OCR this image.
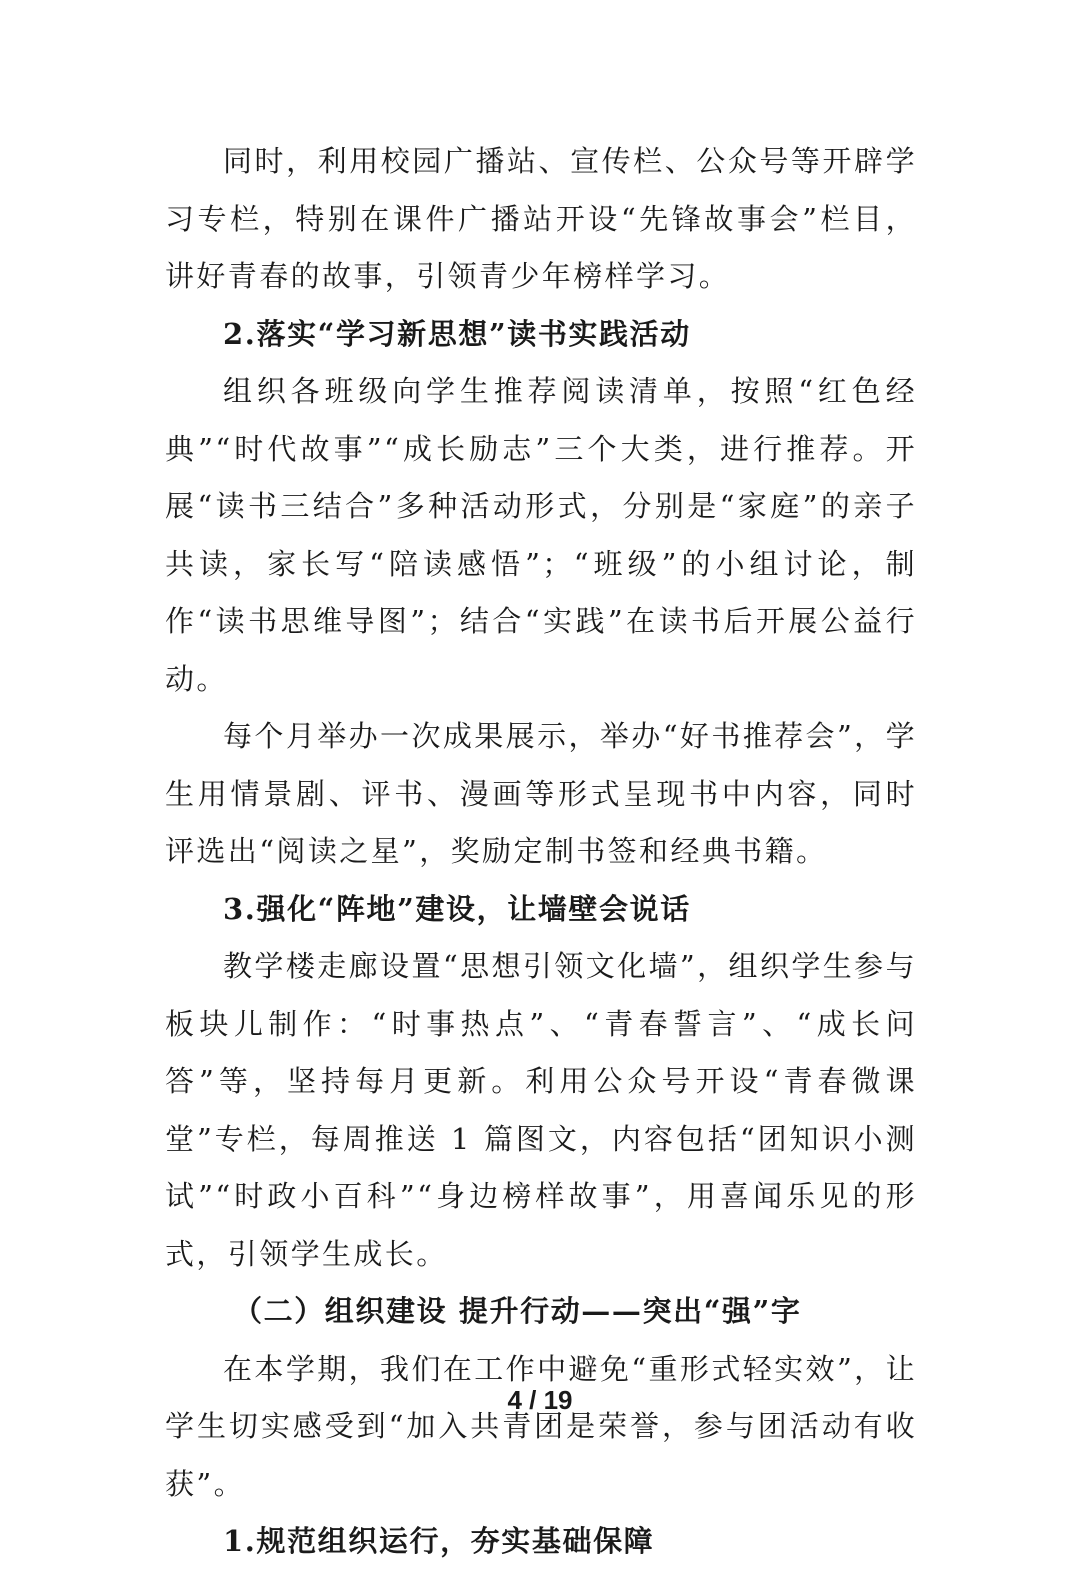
同时，利用校园广播站、宣传栏、公众号等开辟学习专栏，特别在课件广播站开设“先锋故事会”栏目，讲好青春的故事，引领青少年榜样学习。

2.落实“学习新思想”读书实践活动

组织各班级向学生推荐阅读清单，按照“红色经典”“时代故事”“成长励志”三个大类，进行推荐。开展“读书三结合”多种活动形式，分别是“家庭”的亲子共读，家长写“陪读感悟”；“班级”的小组讨论，制作“读书思维导图”；结合“实践”在读书后开展公益行动。

每个月举办一次成果展示，举办“好书推荐会”，学生用情景剧、评书、漫画等形式呈现书中内容，同时评选出“阅读之星”，奖励定制书签和经典书籍。

3.强化“阵地”建设，让墙壁会说话

教学楼走廊设置“思想引领文化墙”，组织学生参与板块儿制作：“时事热点”、“青春誓言”、“成长问答”等，坚持每月更新。利用公众号开设“青春微课堂”专栏，每周推送 1 篇图文，内容包括“团知识小测试”“时政小百科”“身边榜样故事”，用喜闻乐见的形式，引领学生成长。

（二）组织建设 提升行动——突出“强”字

在本学期，我们在工作中避免“重形式轻实效”，让学生切实感受到“加入共青团是荣誉，参与团活动有收获”。

1.规范组织运行，夯实基础保障

4 / 19
